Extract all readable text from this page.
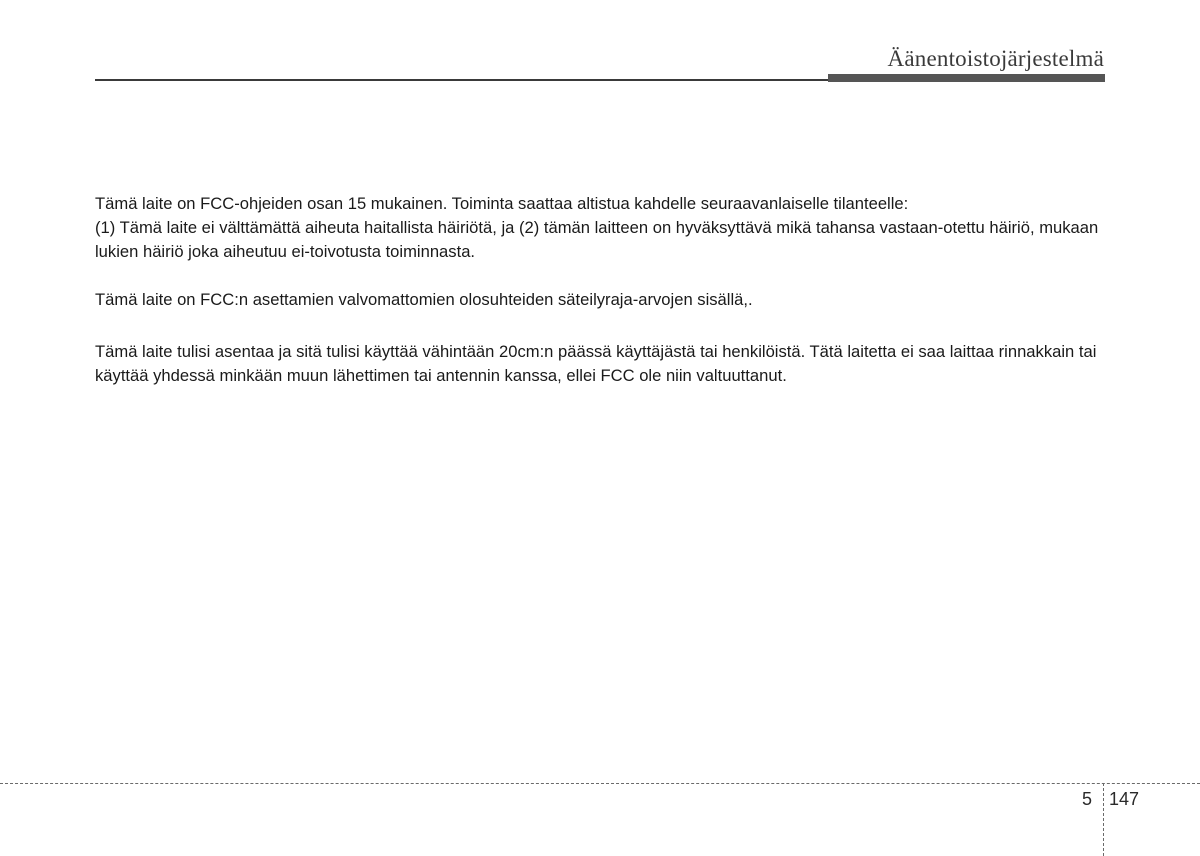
Äänentoistojärjestelmä

Tämä laite on FCC-ohjeiden osan 15 mukainen. Toiminta saattaa altistua kahdelle seuraavanlaiselle tilanteelle:

(1) Tämä laite ei välttämättä aiheuta haitallista häiriötä, ja (2) tämän laitteen on hyväksyttävä mikä tahansa vastaan-otettu häiriö, mukaan lukien häiriö joka aiheutuu ei-toivotusta toiminnasta.

Tämä laite on FCC:n asettamien valvomattomien olosuhteiden säteilyraja-arvojen sisällä,.

Tämä laite tulisi asentaa ja sitä tulisi käyttää vähintään 20cm:n päässä käyttäjästä tai henkilöistä. Tätä laitetta ei saa laittaa rinnakkain tai käyttää yhdessä minkään muun lähettimen tai antennin kanssa, ellei FCC ole niin valtuuttanut.

5 147
